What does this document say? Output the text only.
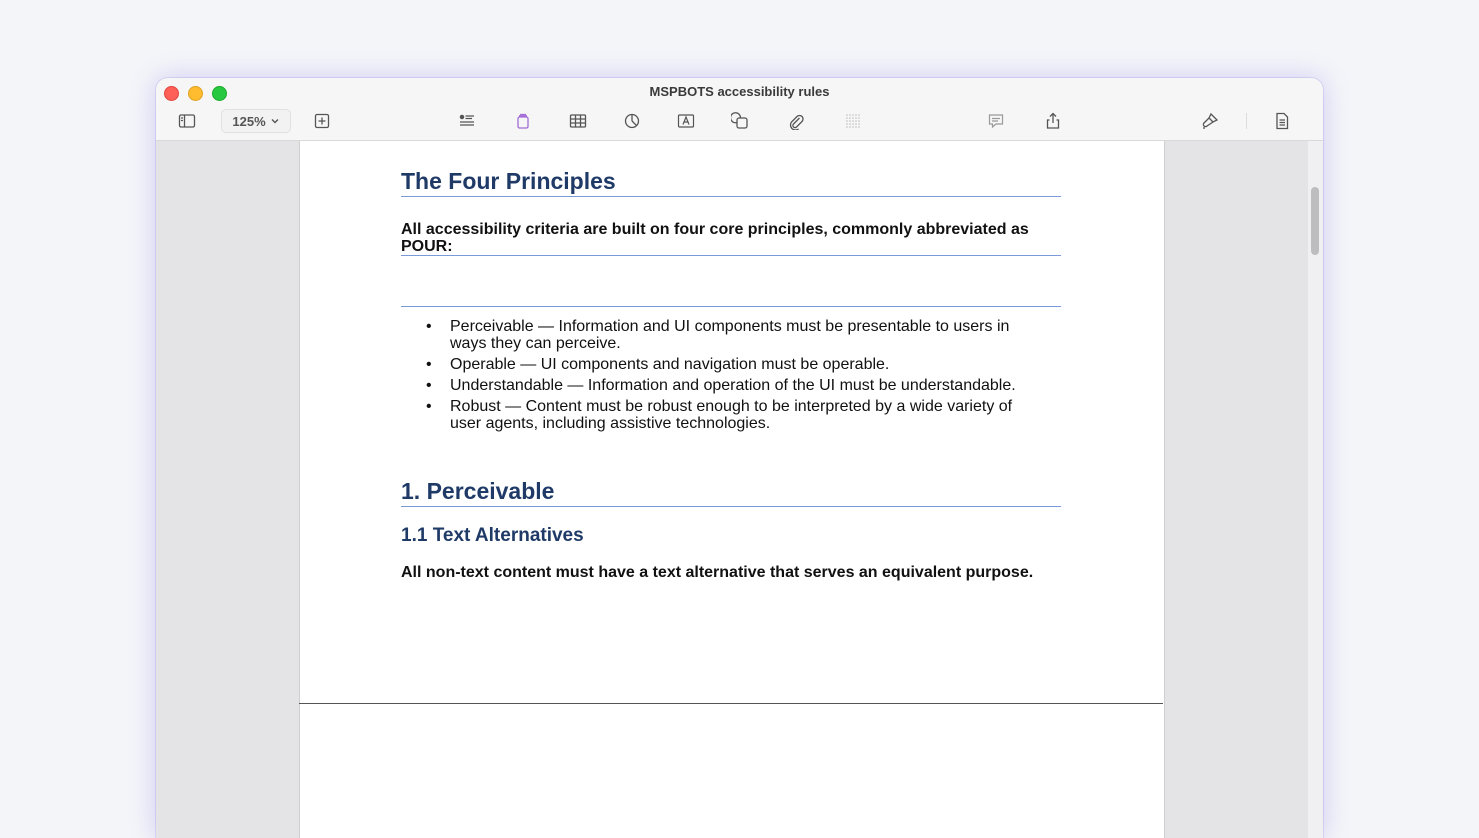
MSPBOTS accessibility rules
125%
The Four Principles
All accessibility criteria are built on four core principles, commonly abbreviated as POUR:
• Perceivable — Information and UI components must be presentable to users in ways they can perceive.
• Operable — UI components and navigation must be operable.
• Understandable — Information and operation of the UI must be understandable.
• Robust — Content must be robust enough to be interpreted by a wide variety of user agents, including assistive technologies.
1. Perceivable
1.1 Text Alternatives
All non-text content must have a text alternative that serves an equivalent purpose.
